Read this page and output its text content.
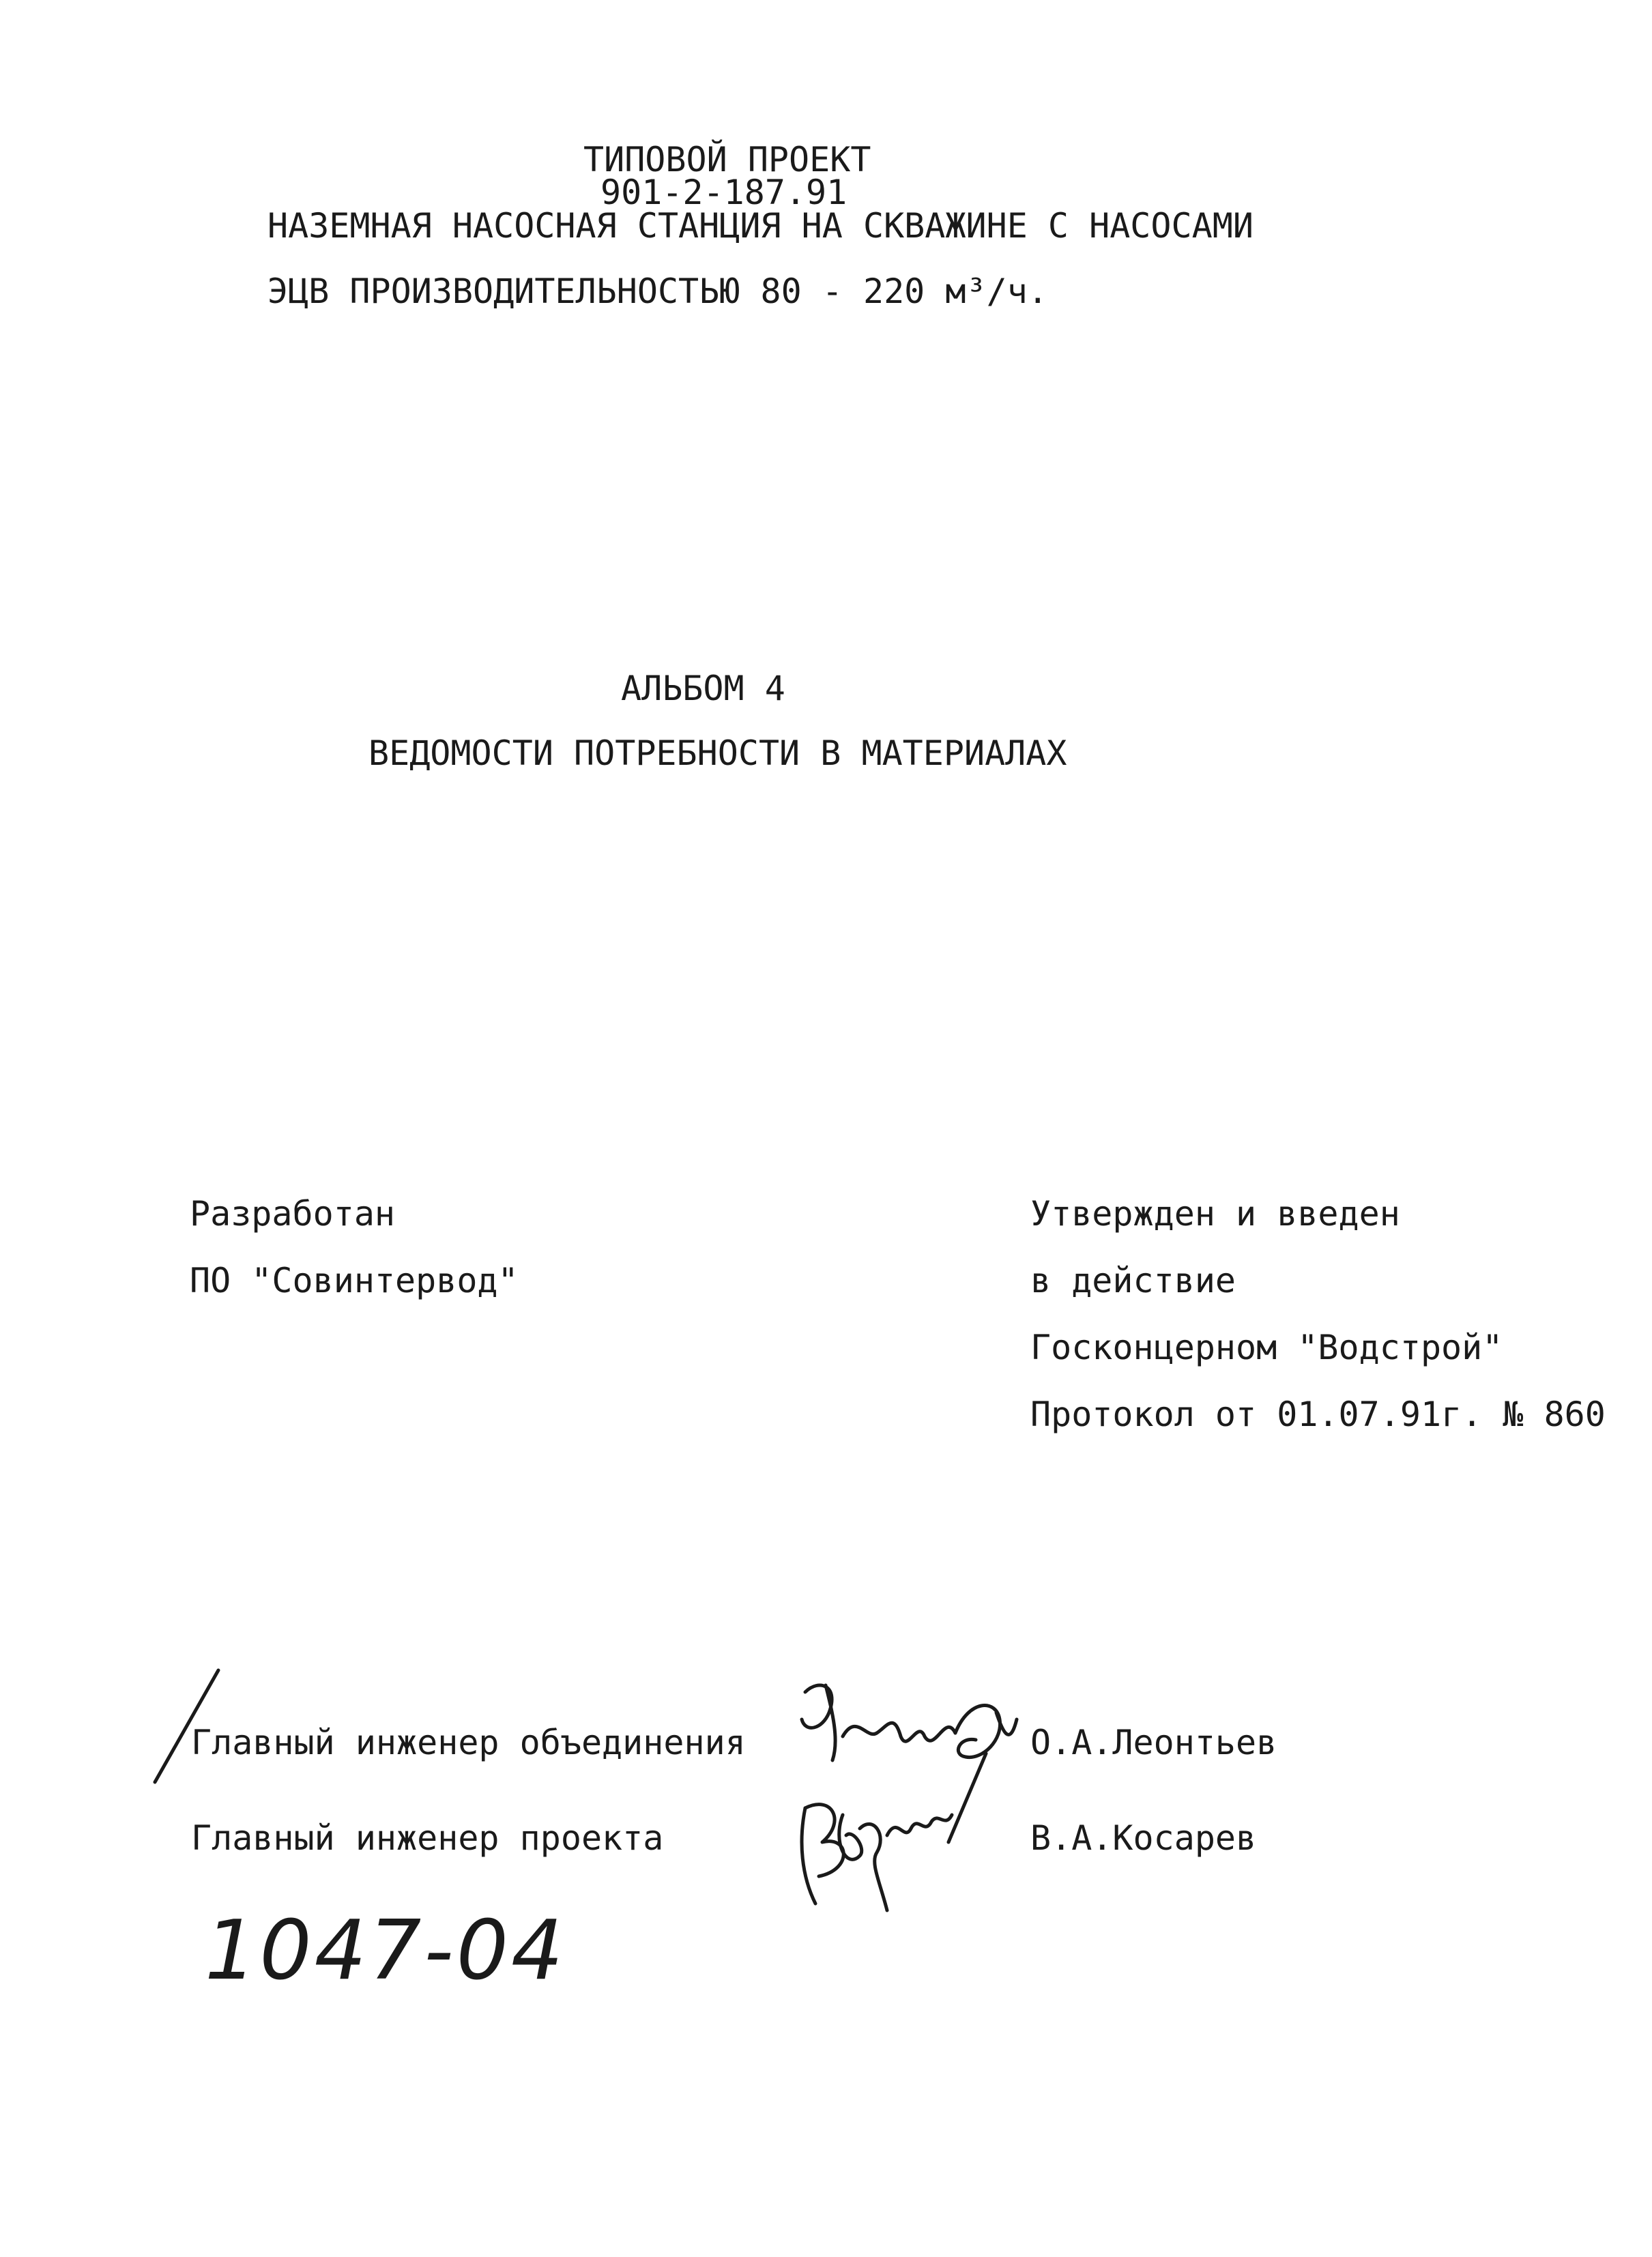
ТИПОВОЙ ПРОЕКТ
901-2-187.91
НАЗЕМНАЯ НАСОСНАЯ СТАНЦИЯ НА СКВАЖИНЕ С НАСОСАМИ
ЭЦВ ПРОИЗВОДИТЕЛЬНОСТЬЮ 80 - 220 м³/ч.
АЛЬБОМ 4
ВЕДОМОСТИ ПОТРЕБНОСТИ В МАТЕРИАЛАХ
Разработан
ПО "Совинтервод"
Утвержден и введен
в действие
Госконцерном "Водстрой"
Протокол от 01.07.91г. № 860
Главный инженер объединения	О.А.Леонтьев
Главный инженер проекта	В.А.Косарев
1047-04
